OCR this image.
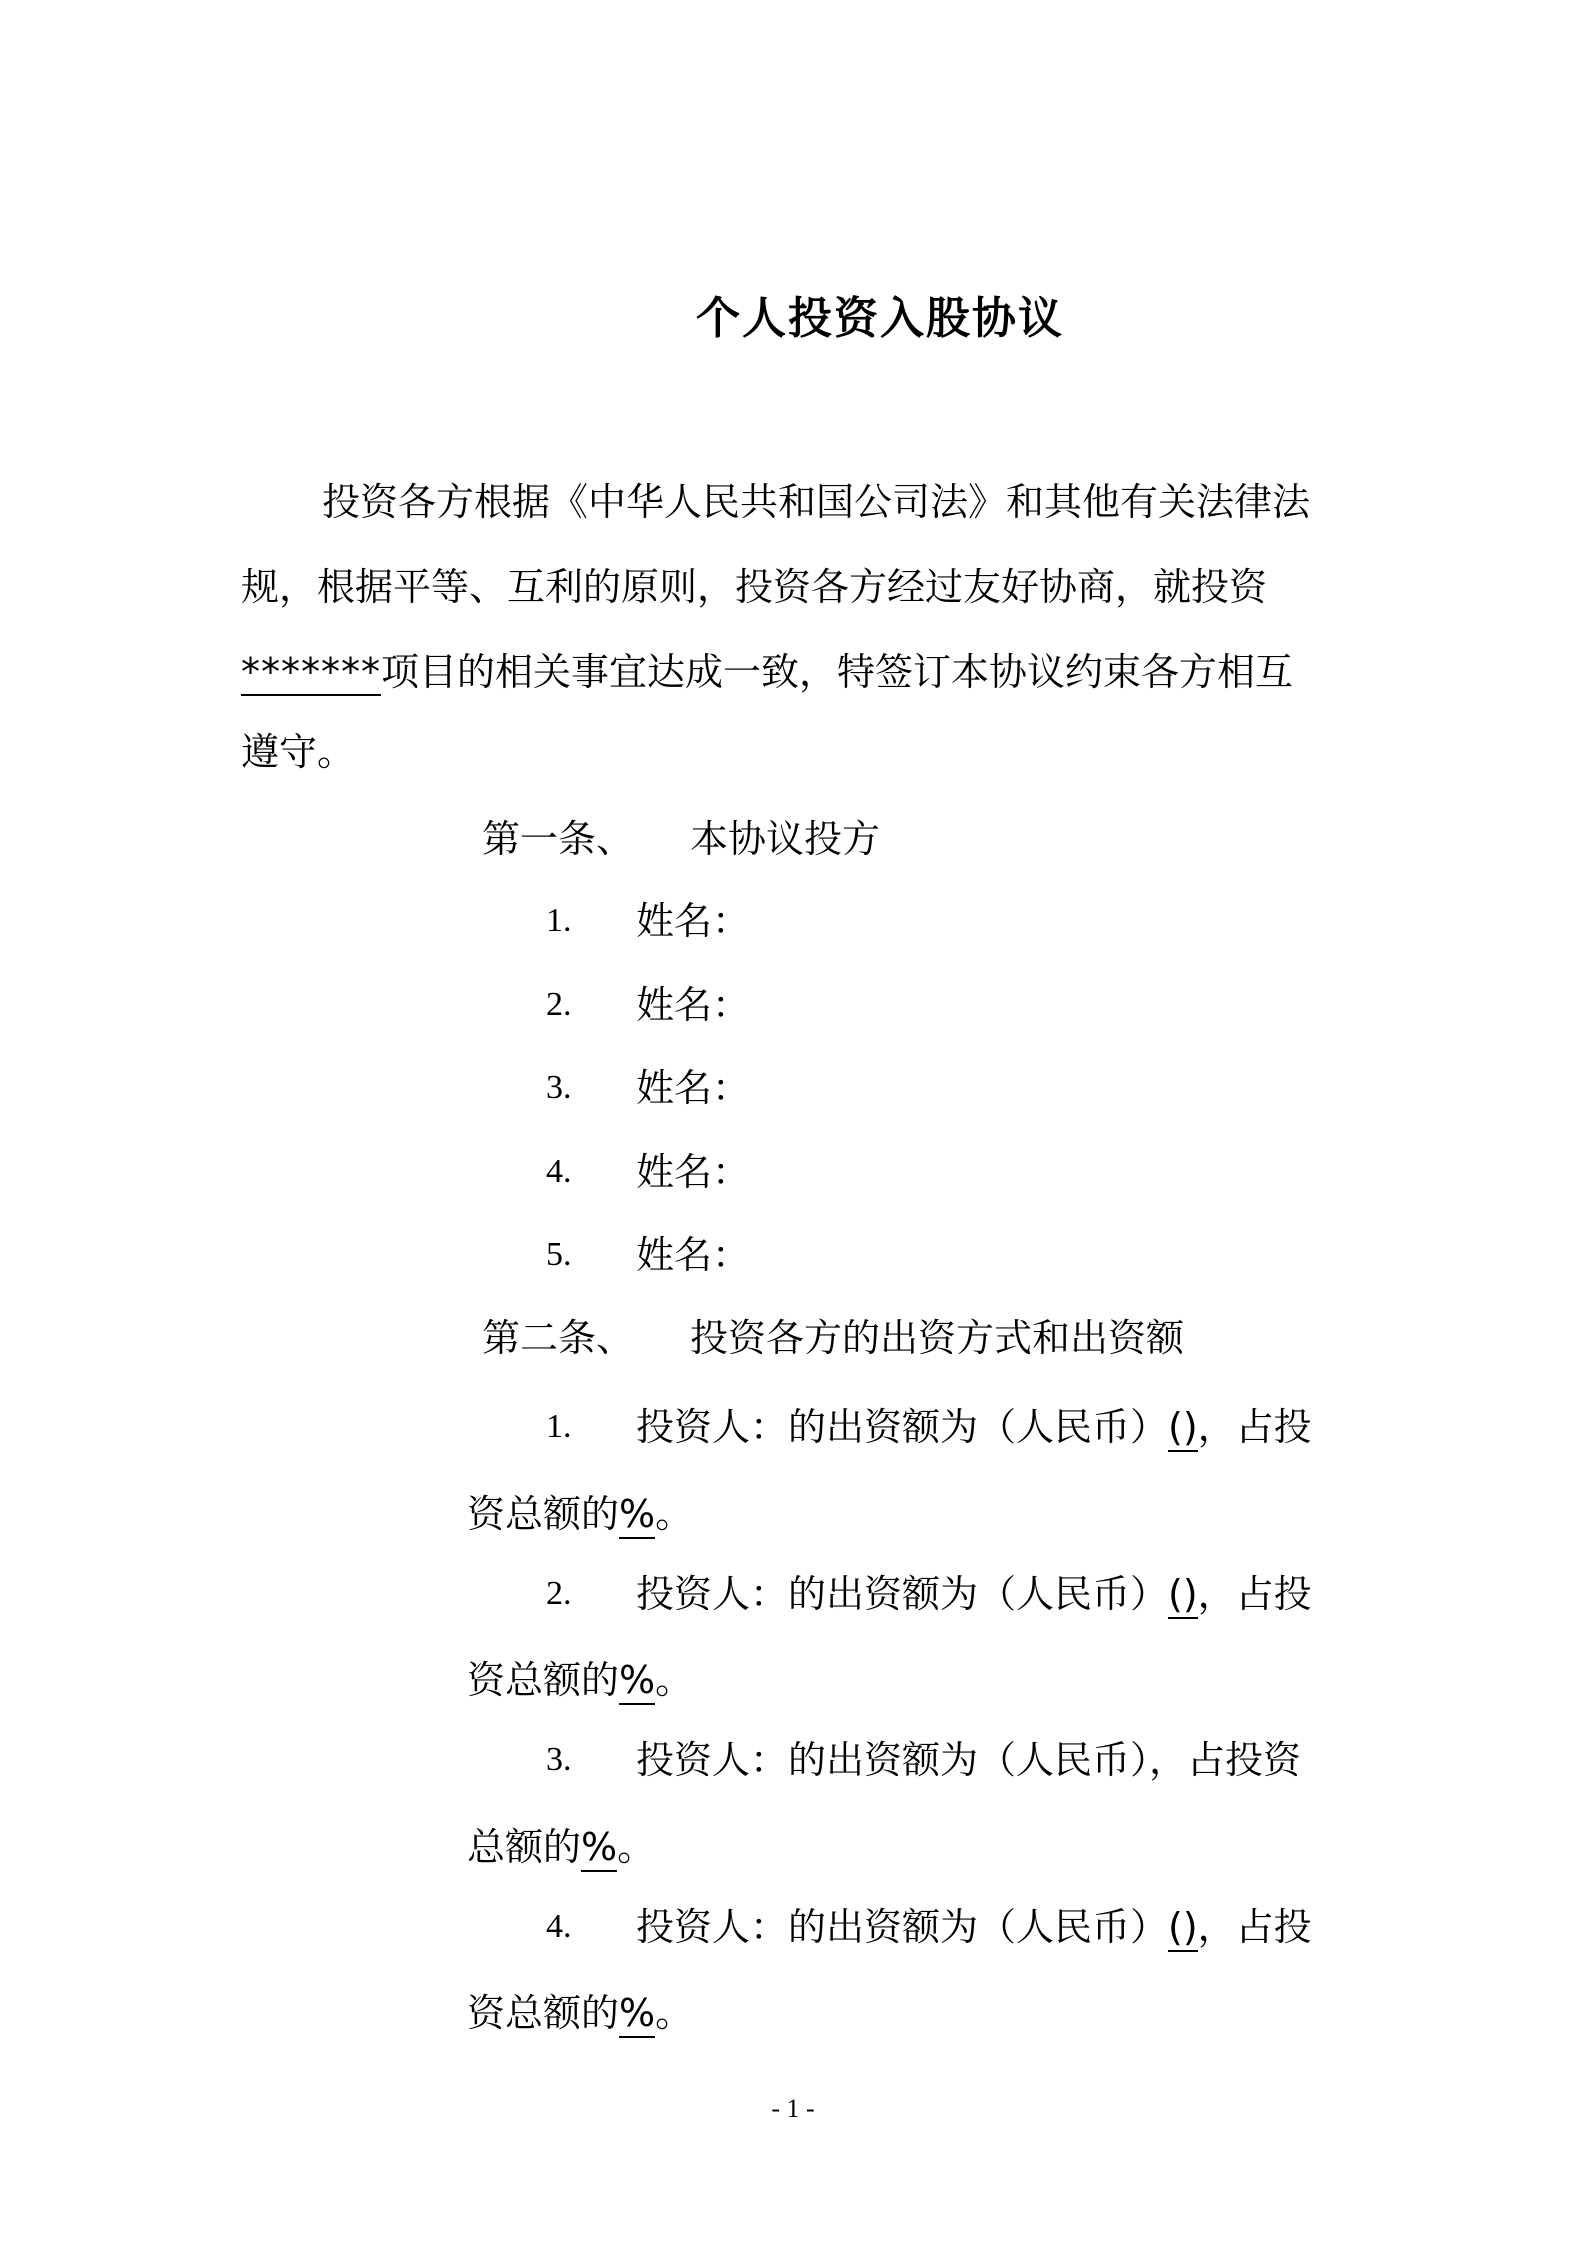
个人投资入股协议
投资各方根据《中华人民共和国公司法》和其他有关法律法
规，根据平等、互利的原则，投资各方经过友好协商，就投资
*******项目的相关事宜达成一致，特签订本协议约束各方相互
遵守。
第一条、 本协议投方
1. 姓名：
2. 姓名：
3. 姓名：
4. 姓名：
5. 姓名：
第二条、 投资各方的出资方式和出资额
1. 投资人：的出资额为（人民币）()，占投
资总额的%。
2. 投资人：的出资额为（人民币）()，占投
资总额的%。
3. 投资人：的出资额为（人民币），占投资
总额的%。
4. 投资人：的出资额为（人民币）()，占投
资总额的%。
- 1 -
